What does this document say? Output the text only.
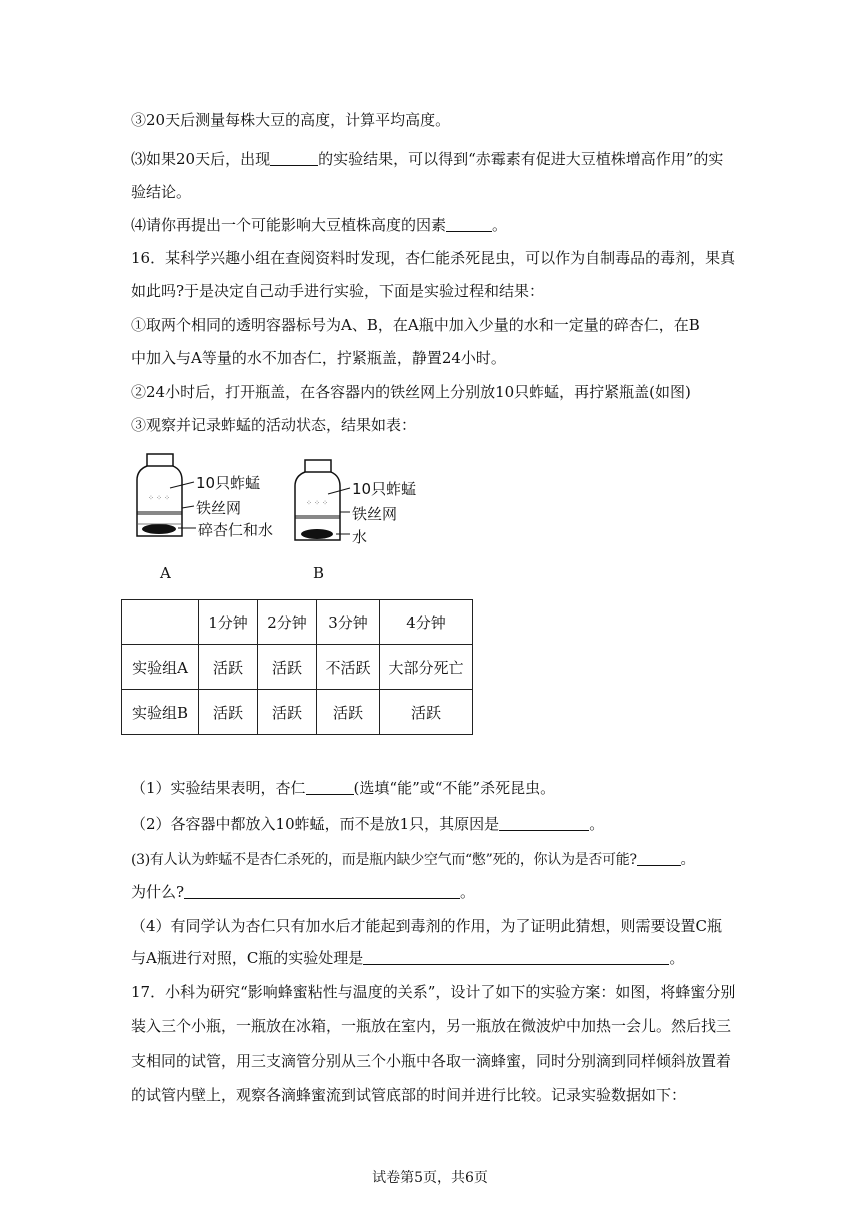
③20天后测量每株大豆的高度，计算平均高度。
⑶如果20天后，出现	的实验结果，可以得到“赤霉素有促进大豆植株增高作用”的实
验结论。
⑷请你再提出一个可能影响大豆植株高度的因素	。
16．某科学兴趣小组在查阅资料时发现，杏仁能杀死昆虫，可以作为自制毒品的毒剂，果真
如此吗?于是决定自己动手进行实验，下面是实验过程和结果：
①取两个相同的透明容器标号为A、B，在A瓶中加入少量的水和一定量的碎杏仁，在B
中加入与A等量的水不加杏仁，拧紧瓶盖，静置24小时。
②24小时后，打开瓶盖，在各容器内的铁丝网上分别放10只蚱蜢，再拧紧瓶盖(如图)
③观察并记录蚱蜢的活动状态，结果如表：
⁘ ⁘ ⁘
⁘ ⁘ ⁘
10只蚱蜢
铁丝网
碎杏仁和水
10只蚱蜢
铁丝网
水
A	B
	1分钟	2分钟	3分钟	4分钟
实验组A	活跃	活跃	不活跃	大部分死亡
实验组B	活跃	活跃	活跃	活跃
（1）实验结果表明，杏仁	(选填“能”或“不能”杀死昆虫。
（2）各容器中都放入10蚱蜢，而不是放1只，其原因是	。
(3)有人认为蚱蜢不是杏仁杀死的，而是瓶内缺少空气而“憋”死的，你认为是否可能?	。
为什么?	。
（4）有同学认为杏仁只有加水后才能起到毒剂的作用，为了证明此猜想，则需要设置C瓶
与A瓶进行对照，C瓶的实验处理是	。
17．小科为研究“影响蜂蜜粘性与温度的关系”，设计了如下的实验方案：如图，将蜂蜜分别
装入三个小瓶，一瓶放在冰箱，一瓶放在室内，另一瓶放在微波炉中加热一会儿。然后找三
支相同的试管，用三支滴管分别从三个小瓶中各取一滴蜂蜜，同时分别滴到同样倾斜放置着
的试管内壁上，观察各滴蜂蜜流到试管底部的时间并进行比较。记录实验数据如下：
试卷第5页，共6页
